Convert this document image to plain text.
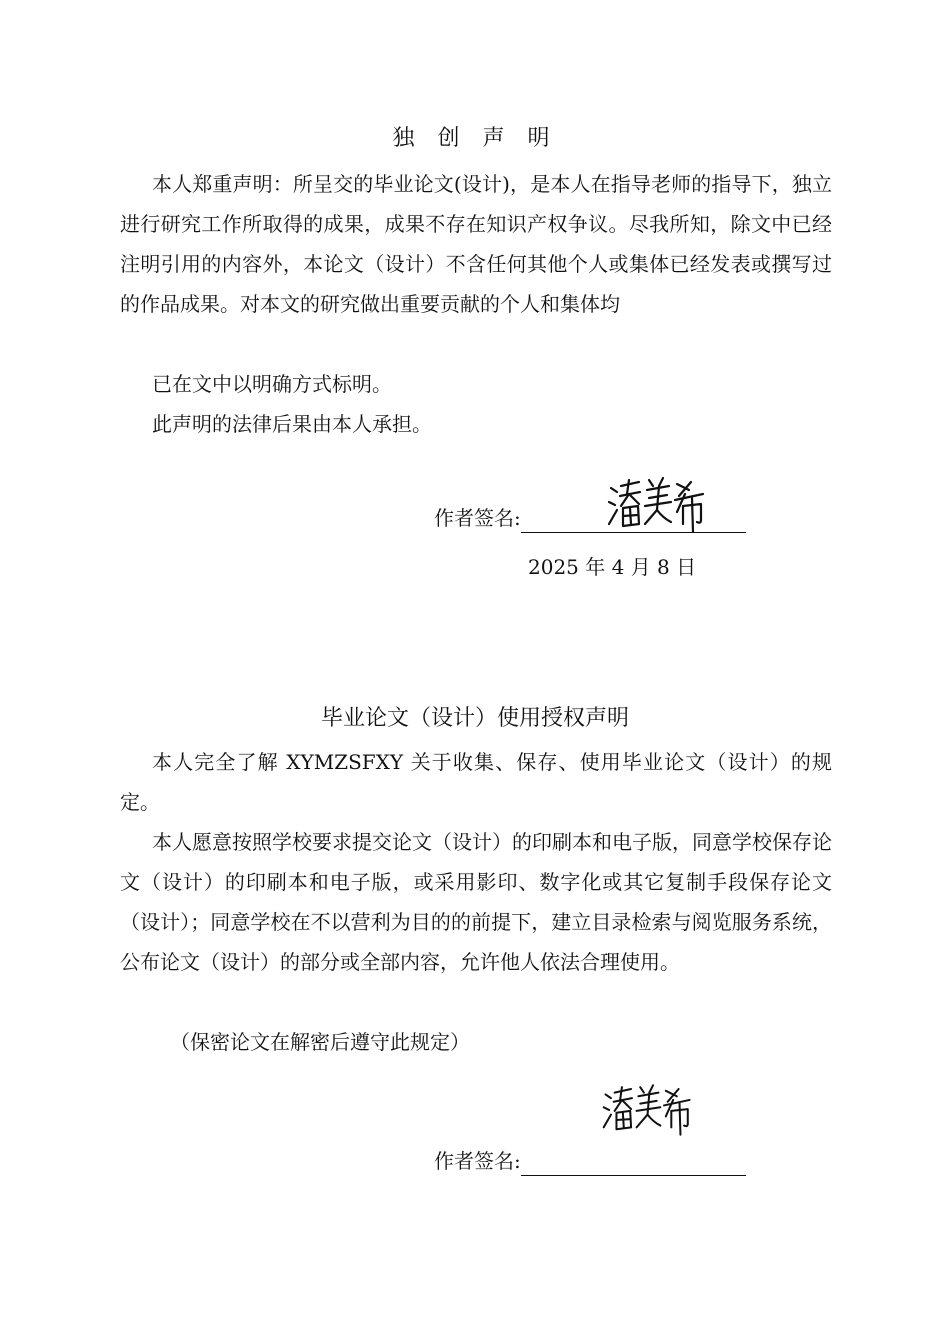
独 创 声 明

本人郑重声明：所呈交的毕业论文(设计)，是本人在指导老师的指导下，独立进行研究工作所取得的成果，成果不存在知识产权争议。尽我所知，除文中已经注明引用的内容外，本论文（设计）不含任何其他个人或集体已经发表或撰写过的作品成果。对本文的研究做出重要贡献的个人和集体均

已在文中以明确方式标明。

此声明的法律后果由本人承担。

作者签名:
2025 年 4 月 8 日
毕业论文（设计）使用授权声明

本人完全了解 XYMZSFXY 关于收集、保存、使用毕业论文（设计）的规定。

本人愿意按照学校要求提交论文（设计）的印刷本和电子版，同意学校保存论文（设计）的印刷本和电子版，或采用影印、数字化或其它复制手段保存论文（设计）；同意学校在不以营利为目的的前提下，建立目录检索与阅览服务系统，公布论文（设计）的部分或全部内容，允许他人依法合理使用。

（保密论文在解密后遵守此规定）

作者签名:
